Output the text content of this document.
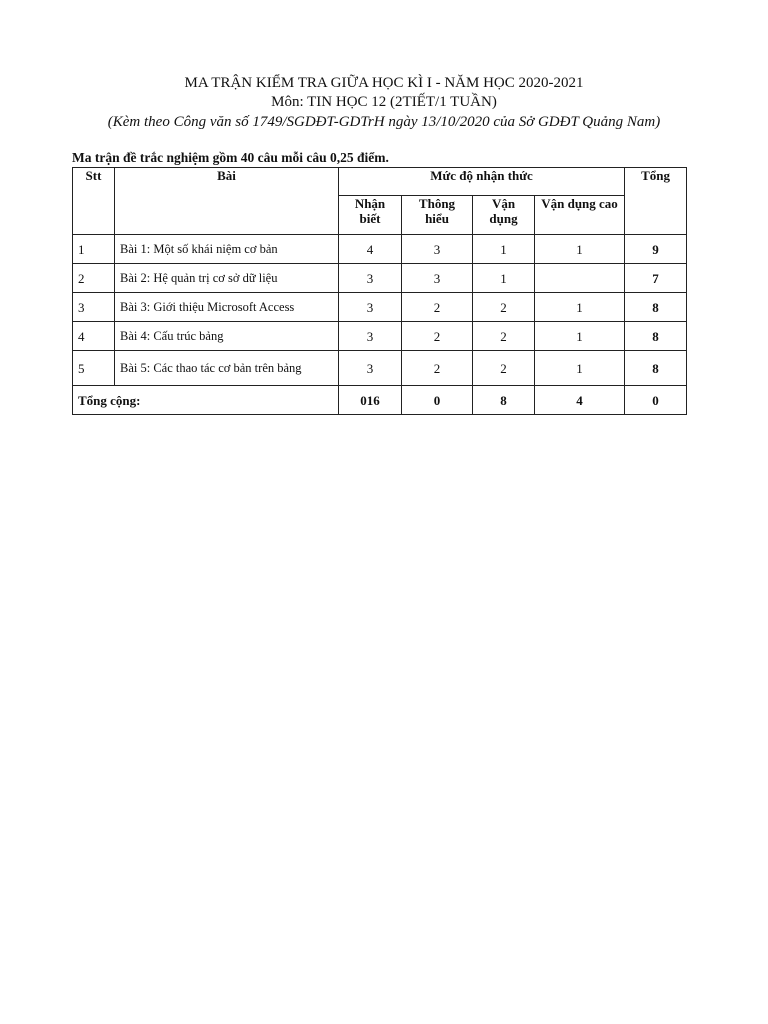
MA TRẬN KIỂM TRA GIỮA HỌC KÌ I - NĂM HỌC 2020-2021
Môn: TIN HỌC 12 (2TIẾT/1 TUẦN)
(Kèm theo Công văn số 1749/SGDĐT-GDTrH ngày 13/10/2020 của Sở GDĐT Quảng Nam)
Ma trận đề trắc nghiệm gồm 40 câu mỗi câu 0,25 điểm.
Stt	Bài	Mức độ nhận thức				Tổng
		Nhận biết	Thông hiểu	Vận dụng	Vận dụng cao	
1	Bài 1: Một số khái niệm cơ bản	4	3	1	1	9
2	Bài 2: Hệ quản trị cơ sở dữ liệu	3	3	1		7
3	Bài 3: Giới thiệu Microsoft Access	3	2	2	1	8
4	Bài 4: Cấu trúc bảng	3	2	2	1	8
5	Bài 5: Các thao tác cơ bản trên bảng	3	2	2	1	8
Tổng cộng:		016	0	8	4	0
